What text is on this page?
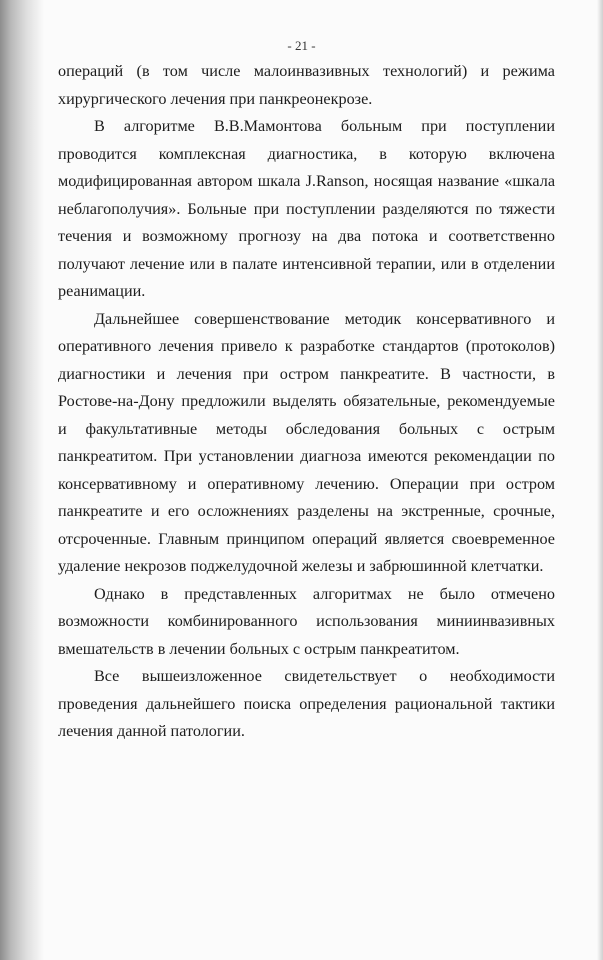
- 21 -

операций (в том числе малоинвазивных технологий) и режима хирургического лечения при панкреонекрозе.

В алгоритме В.В.Мамонтова больным при поступлении проводится комплексная диагностика, в которую включена модифицированная автором шкала J.Ranson, носящая название «шкала неблагополучия». Больные при поступлении разделяются по тяжести течения и возможному прогнозу на два потока и соответственно получают лечение или в палате интенсивной терапии, или в отделении реанимации.

Дальнейшее совершенствование методик консервативного и оперативного лечения привело к разработке стандартов (протоколов) диагностики и лечения при остром панкреатите. В частности, в Ростове-на-Дону предложили выделять обязательные, рекомендуемые и факультативные методы обследования больных с острым панкреатитом. При установлении диагноза имеются рекомендации по консервативному и оперативному лечению. Операции при остром панкреатите и его осложнениях разделены на экстренные, срочные, отсроченные. Главным принципом операций является своевременное удаление некрозов поджелудочной железы и забрюшинной клетчатки.

Однако в представленных алгоритмах не было отмечено возможности комбинированного использования миниинвазивных вмешательств в лечении больных с острым панкреатитом.

Все вышеизложенное свидетельствует о необходимости проведения дальнейшего поиска определения рациональной тактики лечения данной патологии.
